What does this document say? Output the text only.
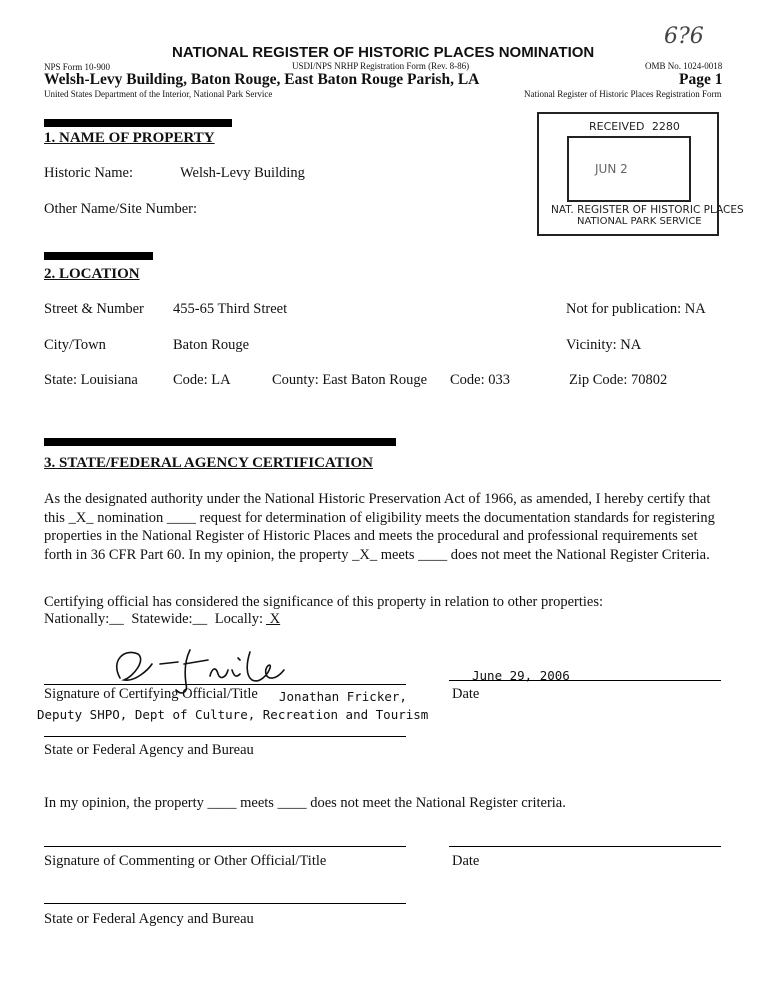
NATIONAL REGISTER OF HISTORIC PLACES NOMINATION
6?6
NPS Form 10-900	USDI/NPS NRHP Registration Form (Rev. 8-86)	OMB No. 1024-0018
Welsh-Levy Building, Baton Rouge, East Baton Rouge Parish, LA	Page 1
United States Department of the Interior, National Park Service	National Register of Historic Places Registration Form
RECEIVED 2280
JUN 2
NAT. REGISTER OF HISTORIC PLACES
NATIONAL PARK SERVICE
1. NAME OF PROPERTY
Historic Name:	Welsh-Levy Building
Other Name/Site Number:
2. LOCATION
Street & Number 455-65 Third Street	Not for publication: NA
City/Town	Baton Rouge	Vicinity: NA
State: Louisiana Code: LA	County: East Baton Rouge Code: 033	Zip Code: 70802
3. STATE/FEDERAL AGENCY CERTIFICATION
As the designated authority under the National Historic Preservation Act of 1966, as amended, I hereby certify that this _X_ nomination ____ request for determination of eligibility meets the documentation standards for registering properties in the National Register of Historic Places and meets the procedural and professional requirements set forth in 36 CFR Part 60. In my opinion, the property _X_ meets ____ does not meet the National Register Criteria.
Certifying official has considered the significance of this property in relation to other properties:
Nationally:__ Statewide:__ Locally: X
Signature of Certifying Official/Title Jonathan Fricker,
Deputy SHPO, Dept of Culture, Recreation and Tourism
June 29, 2006
Date
State or Federal Agency and Bureau
In my opinion, the property ____ meets ____ does not meet the National Register criteria.
Signature of Commenting or Other Official/Title	Date
State or Federal Agency and Bureau
